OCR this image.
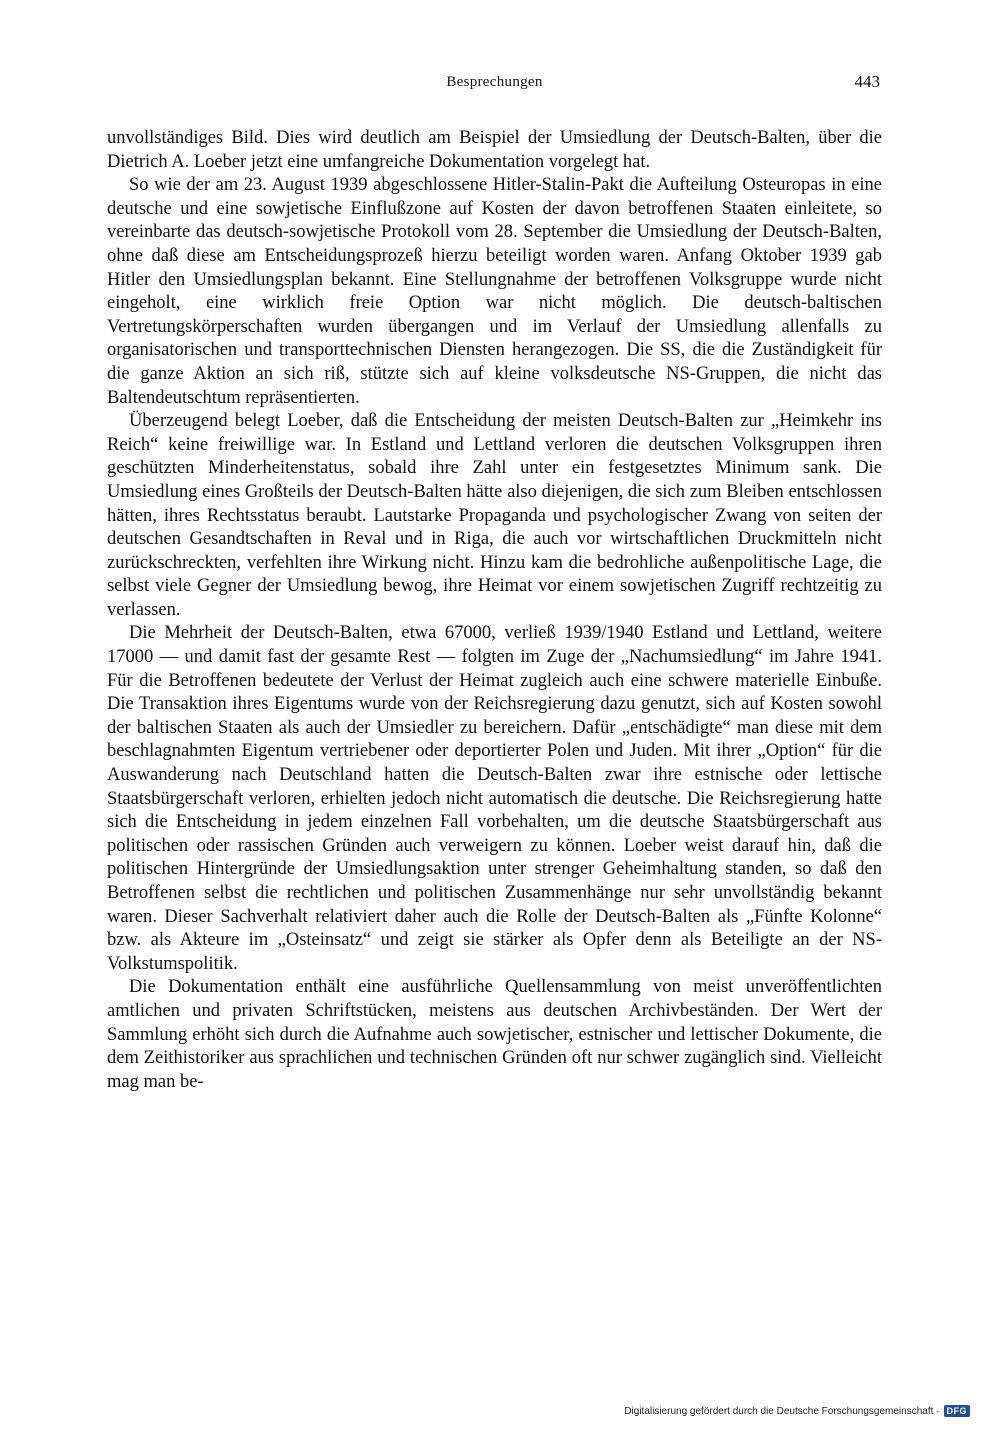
Besprechungen	443

unvollständiges Bild. Dies wird deutlich am Beispiel der Umsiedlung der Deutsch-Balten, über die Dietrich A. Loeber jetzt eine umfangreiche Dokumentation vorgelegt hat.

So wie der am 23. August 1939 abgeschlossene Hitler-Stalin-Pakt die Aufteilung Osteuropas in eine deutsche und eine sowjetische Einflußzone auf Kosten der davon betroffenen Staaten einleitete, so vereinbarte das deutsch-sowjetische Protokoll vom 28. September die Umsiedlung der Deutsch-Balten, ohne daß diese am Entscheidungsprozeß hierzu beteiligt worden waren. Anfang Oktober 1939 gab Hitler den Umsiedlungsplan bekannt. Eine Stellungnahme der betroffenen Volksgruppe wurde nicht eingeholt, eine wirklich freie Option war nicht möglich. Die deutsch-baltischen Vertretungskörperschaften wurden übergangen und im Verlauf der Umsiedlung allenfalls zu organisatorischen und transporttechnischen Diensten herangezogen. Die SS, die die Zuständigkeit für die ganze Aktion an sich riß, stützte sich auf kleine volksdeutsche NS-Gruppen, die nicht das Baltendeutschtum repräsentierten.

Überzeugend belegt Loeber, daß die Entscheidung der meisten Deutsch-Balten zur „Heimkehr ins Reich“ keine freiwillige war. In Estland und Lettland verloren die deutschen Volksgruppen ihren geschützten Minderheitenstatus, sobald ihre Zahl unter ein festgesetztes Minimum sank. Die Umsiedlung eines Großteils der Deutsch-Balten hätte also diejenigen, die sich zum Bleiben entschlossen hätten, ihres Rechtsstatus beraubt. Lautstarke Propaganda und psychologischer Zwang von seiten der deutschen Gesandtschaften in Reval und in Riga, die auch vor wirtschaftlichen Druckmitteln nicht zurückschreckten, verfehlten ihre Wirkung nicht. Hinzu kam die bedrohliche außenpolitische Lage, die selbst viele Gegner der Umsiedlung bewog, ihre Heimat vor einem sowjetischen Zugriff rechtzeitig zu verlassen.

Die Mehrheit der Deutsch-Balten, etwa 67000, verließ 1939/1940 Estland und Lettland, weitere 17000 — und damit fast der gesamte Rest — folgten im Zuge der „Nachumsiedlung“ im Jahre 1941. Für die Betroffenen bedeutete der Verlust der Heimat zugleich auch eine schwere materielle Einbuße. Die Transaktion ihres Eigentums wurde von der Reichsregierung dazu genutzt, sich auf Kosten sowohl der baltischen Staaten als auch der Umsiedler zu bereichern. Dafür „entschädigte“ man diese mit dem beschlagnahmten Eigentum vertriebener oder deportierter Polen und Juden. Mit ihrer „Option“ für die Auswanderung nach Deutschland hatten die Deutsch-Balten zwar ihre estnische oder lettische Staatsbürgerschaft verloren, erhielten jedoch nicht automatisch die deutsche. Die Reichsregierung hatte sich die Entscheidung in jedem einzelnen Fall vorbehalten, um die deutsche Staatsbürgerschaft aus politischen oder rassischen Gründen auch verweigern zu können. Loeber weist darauf hin, daß die politischen Hintergründe der Umsiedlungsaktion unter strenger Geheimhaltung standen, so daß den Betroffenen selbst die rechtlichen und politischen Zusammenhänge nur sehr unvollständig bekannt waren. Dieser Sachverhalt relativiert daher auch die Rolle der Deutsch-Balten als „Fünfte Kolonne“ bzw. als Akteure im „Osteinsatz“ und zeigt sie stärker als Opfer denn als Beteiligte an der NS-Volkstumspolitik.

Die Dokumentation enthält eine ausführliche Quellensammlung von meist unveröffentlichten amtlichen und privaten Schriftstücken, meistens aus deutschen Archivbeständen. Der Wert der Sammlung erhöht sich durch die Aufnahme auch sowjetischer, estnischer und lettischer Dokumente, die dem Zeithistoriker aus sprachlichen und technischen Gründen oft nur schwer zugänglich sind. Vielleicht mag man be-

Digitalisierung gefördert durch die Deutsche Forschungsgemeinschaft · DFG
